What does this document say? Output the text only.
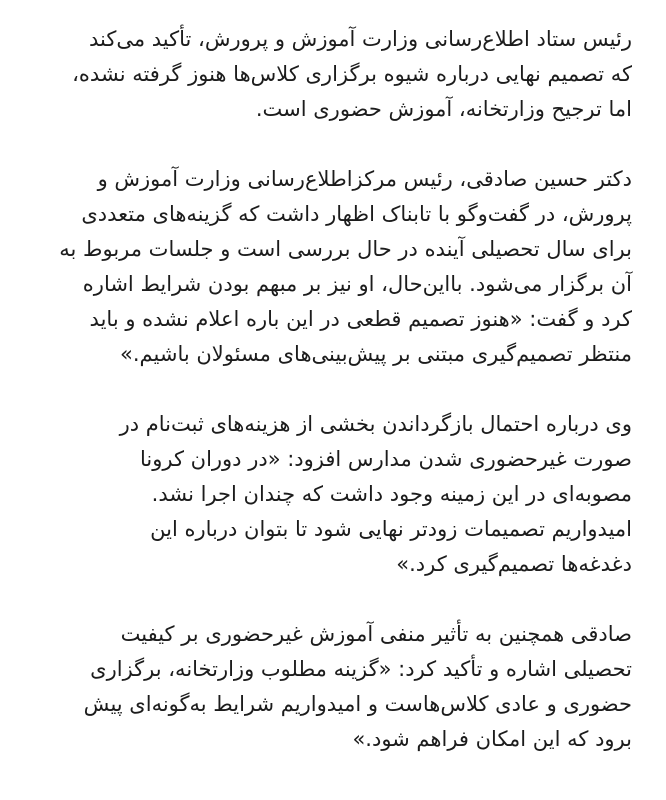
رئیس ستاد اطلاع‌رسانی وزارت آموزش و پرورش، تأکید می‌کند
که تصمیم نهایی درباره شیوه برگزاری کلاس‌ها هنوز گرفته نشده،
اما ترجیح وزارتخانه، آموزش حضوری است.
دکتر حسین صادقی، رئیس مرکزاطلاع‌رسانی وزارت آموزش و
پرورش، در گفت‌وگو با تابناک اظهار داشت که گزینه‌های متعددی
برای سال تحصیلی آینده در حال بررسی است و جلسات مربوط به
آن برگزار می‌شود. بااین‌حال، او نیز بر مبهم بودن شرایط اشاره
کرد و گفت: «هنوز تصمیم قطعی در این باره اعلام نشده و باید
منتظر تصمیم‌گیری مبتنی بر پیش‌بینی‌های مسئولان باشیم.»
وی درباره احتمال بازگرداندن بخشی از هزینه‌های ثبت‌نام در
صورت غیرحضوری شدن مدارس افزود: «در دوران کرونا
مصوبه‌ای در این زمینه وجود داشت که چندان اجرا نشد.
امیدواریم تصمیمات زودتر نهایی شود تا بتوان درباره این
دغدغه‌ها تصمیم‌گیری کرد.»
صادقی همچنین به تأثیر منفی آموزش غیرحضوری بر کیفیت
تحصیلی اشاره و تأکید کرد: «گزینه مطلوب وزارتخانه، برگزاری
حضوری و عادی کلاس‌هاست و امیدواریم شرایط به‌گونه‌ای پیش
برود که این امکان فراهم شود.»
